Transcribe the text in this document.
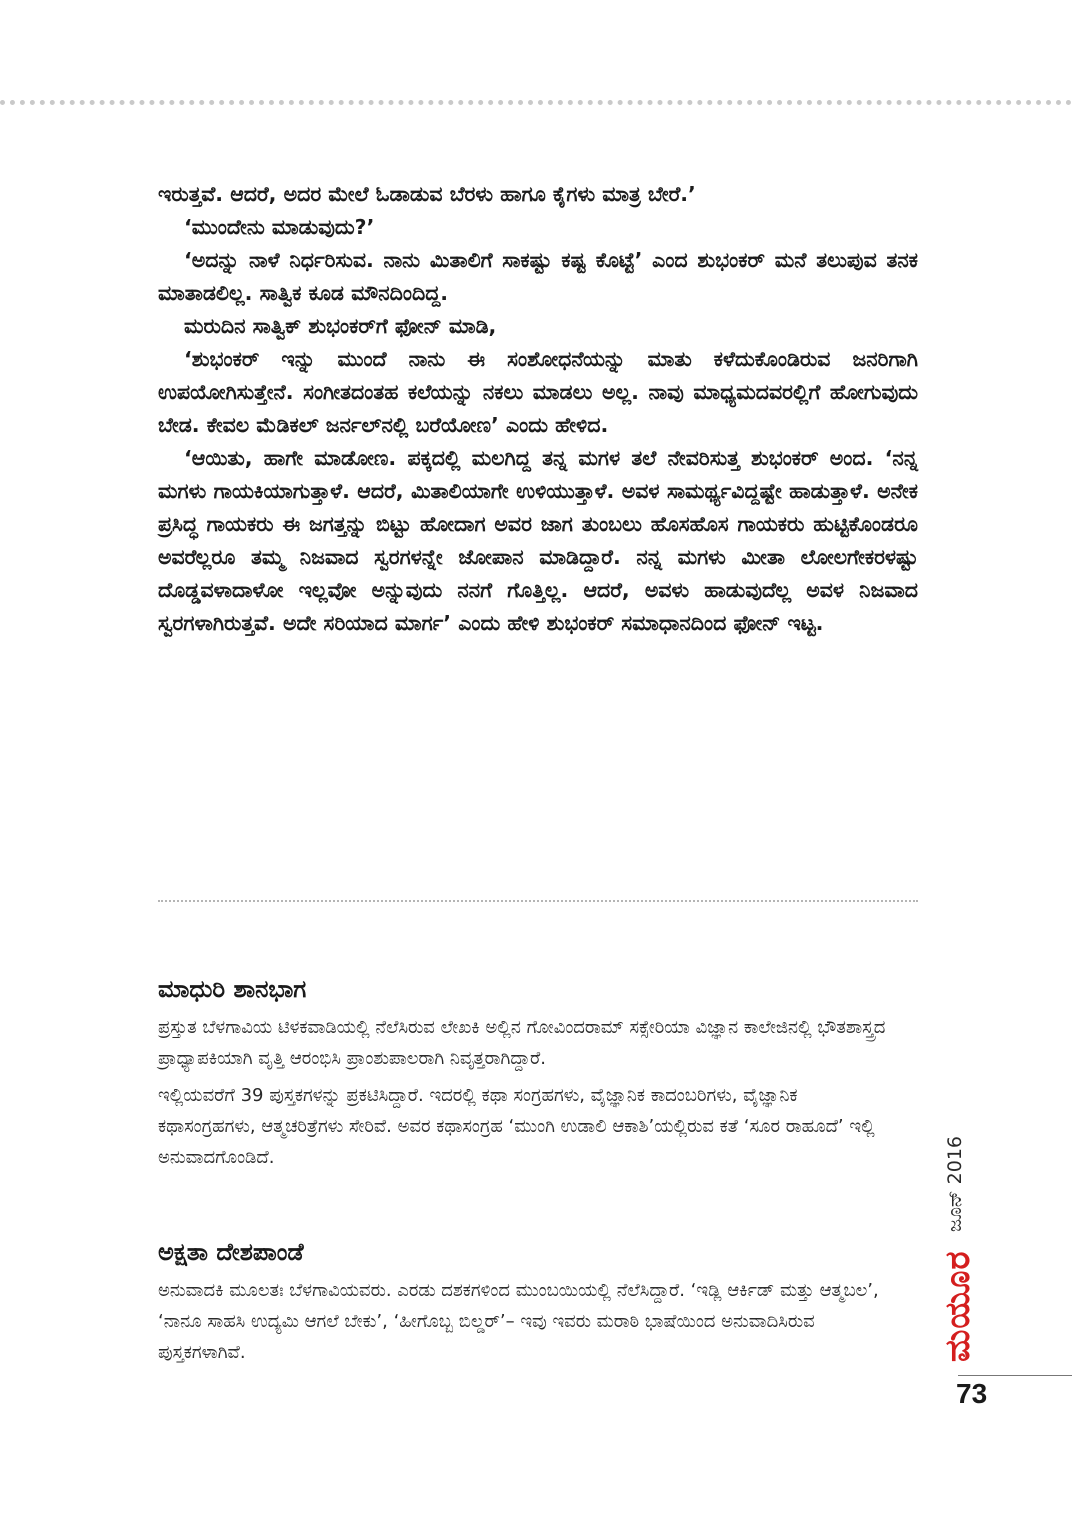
ಇರುತ್ತವೆ. ಆದರೆ, ಅದರ ಮೇಲೆ ಓಡಾಡುವ ಬೆರಳು ಹಾಗೂ ಕೈಗಳು ಮಾತ್ರ ಬೇರೆ.’

‘ಮುಂದೇನು ಮಾಡುವುದು?’

‘ಅದನ್ನು ನಾಳೆ ನಿರ್ಧರಿಸುವ. ನಾನು ಮಿತಾಲಿಗೆ ಸಾಕಷ್ಟು ಕಷ್ಟ ಕೊಟ್ಟೆ’ ಎಂದ ಶುಭಂಕರ್ ಮನೆ ತಲುಪುವ ತನಕ ಮಾತಾಡಲಿಲ್ಲ. ಸಾತ್ವಿಕ ಕೂಡ ಮೌನದಿಂದಿದ್ದ.

ಮರುದಿನ ಸಾತ್ವಿಕ್ ಶುಭಂಕರ್‌ಗೆ ಫೋನ್ ಮಾಡಿ,

‘ಶುಭಂಕರ್ ಇನ್ನು ಮುಂದೆ ನಾನು ಈ ಸಂಶೋಧನೆಯನ್ನು ಮಾತು ಕಳೆದುಕೊಂಡಿರುವ ಜನರಿಗಾಗಿ ಉಪಯೋಗಿಸುತ್ತೇನೆ. ಸಂಗೀತದಂತಹ ಕಲೆಯನ್ನು ನಕಲು ಮಾಡಲು ಅಲ್ಲ. ನಾವು ಮಾಧ್ಯಮದವರಲ್ಲಿಗೆ ಹೋಗುವುದು ಬೇಡ. ಕೇವಲ ಮೆಡಿಕಲ್ ಜರ್ನಲ್‌ನಲ್ಲಿ ಬರೆಯೋಣ’ ಎಂದು ಹೇಳಿದ.

‘ಆಯಿತು, ಹಾಗೇ ಮಾಡೋಣ. ಪಕ್ಕದಲ್ಲಿ ಮಲಗಿದ್ದ ತನ್ನ ಮಗಳ ತಲೆ ನೇವರಿಸುತ್ತ ಶುಭಂಕರ್ ಅಂದ. ‘ನನ್ನ ಮಗಳು ಗಾಯಕಿಯಾಗುತ್ತಾಳೆ. ಆದರೆ, ಮಿತಾಲಿಯಾಗೇ ಉಳಿಯುತ್ತಾಳೆ. ಅವಳ ಸಾಮರ್ಥ್ಯವಿದ್ದಷ್ಟೇ ಹಾಡುತ್ತಾಳೆ. ಅನೇಕ ಪ್ರಸಿದ್ಧ ಗಾಯಕರು ಈ ಜಗತ್ತನ್ನು ಬಿಟ್ಟು ಹೋದಾಗ ಅವರ ಜಾಗ ತುಂಬಲು ಹೊಸಹೊಸ ಗಾಯಕರು ಹುಟ್ಟಿಕೊಂಡರೂ ಅವರೆಲ್ಲರೂ ತಮ್ಮ ನಿಜವಾದ ಸ್ವರಗಳನ್ನೇ ಜೋಪಾನ ಮಾಡಿದ್ದಾರೆ. ನನ್ನ ಮಗಳು ಮೀತಾ ಲೋಲಗೇಕರಳಷ್ಟು ದೊಡ್ಡವಳಾದಾಳೋ ಇಲ್ಲವೋ ಅನ್ನುವುದು ನನಗೆ ಗೊತ್ತಿಲ್ಲ. ಆದರೆ, ಅವಳು ಹಾಡುವುದೆಲ್ಲ ಅವಳ ನಿಜವಾದ ಸ್ವರಗಳಾಗಿರುತ್ತವೆ. ಅದೇ ಸರಿಯಾದ ಮಾರ್ಗ’ ಎಂದು ಹೇಳಿ ಶುಭಂಕರ್ ಸಮಾಧಾನದಿಂದ ಫೋನ್ ಇಟ್ಟ.

ಮಾಧುರಿ ಶಾನಭಾಗ

ಪ್ರಸ್ತುತ ಬೆಳಗಾವಿಯ ಟಿಳಕವಾಡಿಯಲ್ಲಿ ನೆಲೆಸಿರುವ ಲೇಖಕಿ ಅಲ್ಲಿನ ಗೋವಿಂದರಾಮ್ ಸಕ್ಸೇರಿಯಾ ವಿಜ್ಞಾನ ಕಾಲೇಜಿನಲ್ಲಿ ಭೌತಶಾಸ್ತ್ರದ ಪ್ರಾಧ್ಯಾಪಕಿಯಾಗಿ ವೃತ್ತಿ ಆರಂಭಿಸಿ ಪ್ರಾಂಶುಪಾಲರಾಗಿ ನಿವೃತ್ತರಾಗಿದ್ದಾರೆ.

ಇಲ್ಲಿಯವರೆಗೆ 39 ಪುಸ್ತಕಗಳನ್ನು ಪ್ರಕಟಿಸಿದ್ದಾರೆ. ಇದರಲ್ಲಿ ಕಥಾ ಸಂಗ್ರಹಗಳು, ವೈಜ್ಞಾನಿಕ ಕಾದಂಬರಿಗಳು, ವೈಜ್ಞಾನಿಕ ಕಥಾಸಂಗ್ರಹಗಳು, ಆತ್ಮಚರಿತ್ರೆಗಳು ಸೇರಿವೆ. ಅವರ ಕಥಾಸಂಗ್ರಹ ‘ಮುಂಗಿ ಉಡಾಲಿ ಆಕಾಶಿ’ಯಲ್ಲಿರುವ ಕತೆ ‘ಸೂರ ರಾಹೂದೆ’ ಇಲ್ಲಿ ಅನುವಾದಗೊಂಡಿದೆ.

ಅಕ್ಷತಾ ದೇಶಪಾಂಡೆ

ಅನುವಾದಕಿ ಮೂಲತಃ ಬೆಳಗಾವಿಯವರು. ಎರಡು ದಶಕಗಳಿಂದ ಮುಂಬಯಿಯಲ್ಲಿ ನೆಲೆಸಿದ್ದಾರೆ. ‘ಇಡ್ಲಿ ಆರ್ಕಿಡ್ ಮತ್ತು ಆತ್ಮಬಲ’, ‘ನಾನೂ ಸಾಹಸಿ ಉದ್ಯಮಿ ಆಗಲೆ ಬೇಕು’, ‘ಹೀಗೊಬ್ಬ ಬಿಲ್ಡರ್’– ಇವು ಇವರು ಮರಾಠಿ ಭಾಷೆಯಿಂದ ಅನುವಾದಿಸಿರುವ ಪುಸ್ತಕಗಳಾಗಿವೆ.

ಜೂನ್ 2016
ಮಯೂರ
73
